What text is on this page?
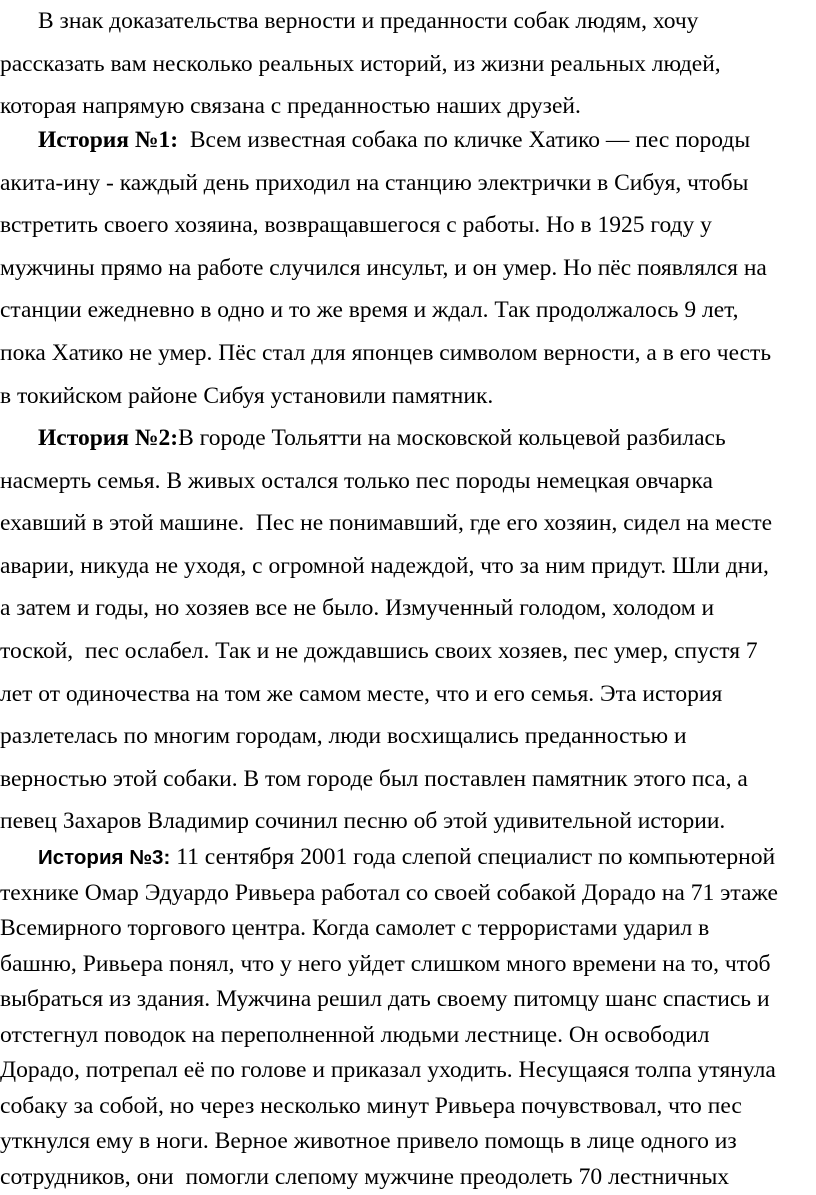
В знак доказательства верности и преданности собак людям, хочу
рассказать вам несколько реальных историй, из жизни реальных людей,
которая напрямую связана с преданностью наших друзей.

История №1:  Всем известная собака по кличке Хатико — пес породы
акита-ину - каждый день приходил на станцию электрички в Сибуя, чтобы
встретить своего хозяина, возвращавшегося с работы. Но в 1925 году у
мужчины прямо на работе случился инсульт, и он умер. Но пёс появлялся на
станции ежедневно в одно и то же время и ждал. Так продолжалось 9 лет,
пока Хатико не умер. Пёс стал для японцев символом верности, а в его честь
в токийском районе Сибуя установили памятник.

История №2:В городе Тольятти на московской кольцевой разбилась
насмерть семья. В живых остался только пес породы немецкая овчарка
ехавший в этой машине.  Пес не понимавший, где его хозяин, сидел на месте
аварии, никуда не уходя, с огромной надеждой, что за ним придут. Шли дни,
а затем и годы, но хозяев все не было. Измученный голодом, холодом и
тоской,  пес ослабел. Так и не дождавшись своих хозяев, пес умер, спустя 7
лет от одиночества на том же самом месте, что и его семья. Эта история
разлетелась по многим городам, люди восхищались преданностью и
верностью этой собаки. В том городе был поставлен памятник этого пса, а
певец Захаров Владимир сочинил песню об этой удивительной истории.

История №3: 11 сентября 2001 года слепой специалист по компьютерной
технике Омар Эдуардо Ривьера работал со своей собакой Дорадо на 71 этаже
Всемирного торгового центра. Когда самолет с террористами ударил в
башню, Ривьера понял, что у него уйдет слишком много времени на то, чтоб
выбраться из здания. Мужчина решил дать своему питомцу шанс спастись и
отстегнул поводок на переполненной людьми лестнице. Он освободил
Дорадо, потрепал её по голове и приказал уходить. Несущаяся толпа утянула
собаку за собой, но через несколько минут Ривьера почувствовал, что пес
уткнулся ему в ноги. Верное животное привело помощь в лице одного из
сотрудников, они  помогли слепому мужчине преодолеть 70 лестничных
